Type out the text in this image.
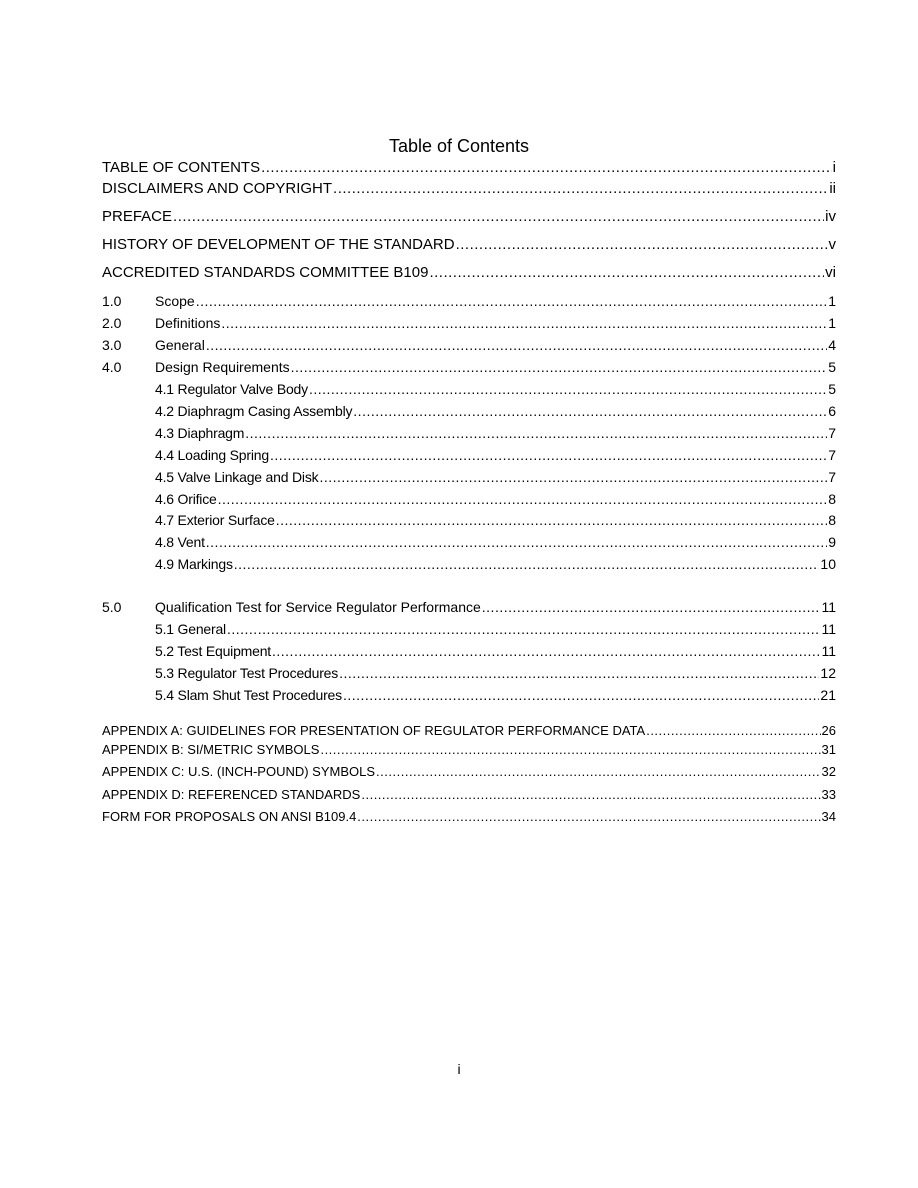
Table of Contents
TABLE OF CONTENTS .....	i
DISCLAIMERS AND COPYRIGHT .....	ii
PREFACE .....	iv
HISTORY OF DEVELOPMENT OF THE STANDARD .....	v
ACCREDITED STANDARDS COMMITTEE B109 .....	vi
1.0	Scope .....	1
2.0	Definitions .....	1
3.0	General .....	4
4.0	Design Requirements .....	5
4.1 Regulator Valve Body .....	5
4.2 Diaphragm Casing Assembly .....	6
4.3 Diaphragm .....	7
4.4 Loading Spring .....	7
4.5 Valve Linkage and Disk .....	7
4.6 Orifice .....	8
4.7 Exterior Surface .....	8
4.8 Vent .....	9
4.9 Markings .....	10
5.0	Qualification Test for Service Regulator Performance .....	11
5.1 General .....	11
5.2 Test Equipment .....	11
5.3 Regulator Test Procedures .....	12
5.4 Slam Shut Test Procedures .....	21
APPENDIX A: GUIDELINES FOR PRESENTATION OF REGULATOR PERFORMANCE DATA .....	26
APPENDIX B: SI/METRIC SYMBOLS .....	31
APPENDIX C: U.S. (INCH-POUND) SYMBOLS .....	32
APPENDIX D: REFERENCED STANDARDS .....	33
FORM FOR PROPOSALS ON ANSI B109.4 .....	34
i
